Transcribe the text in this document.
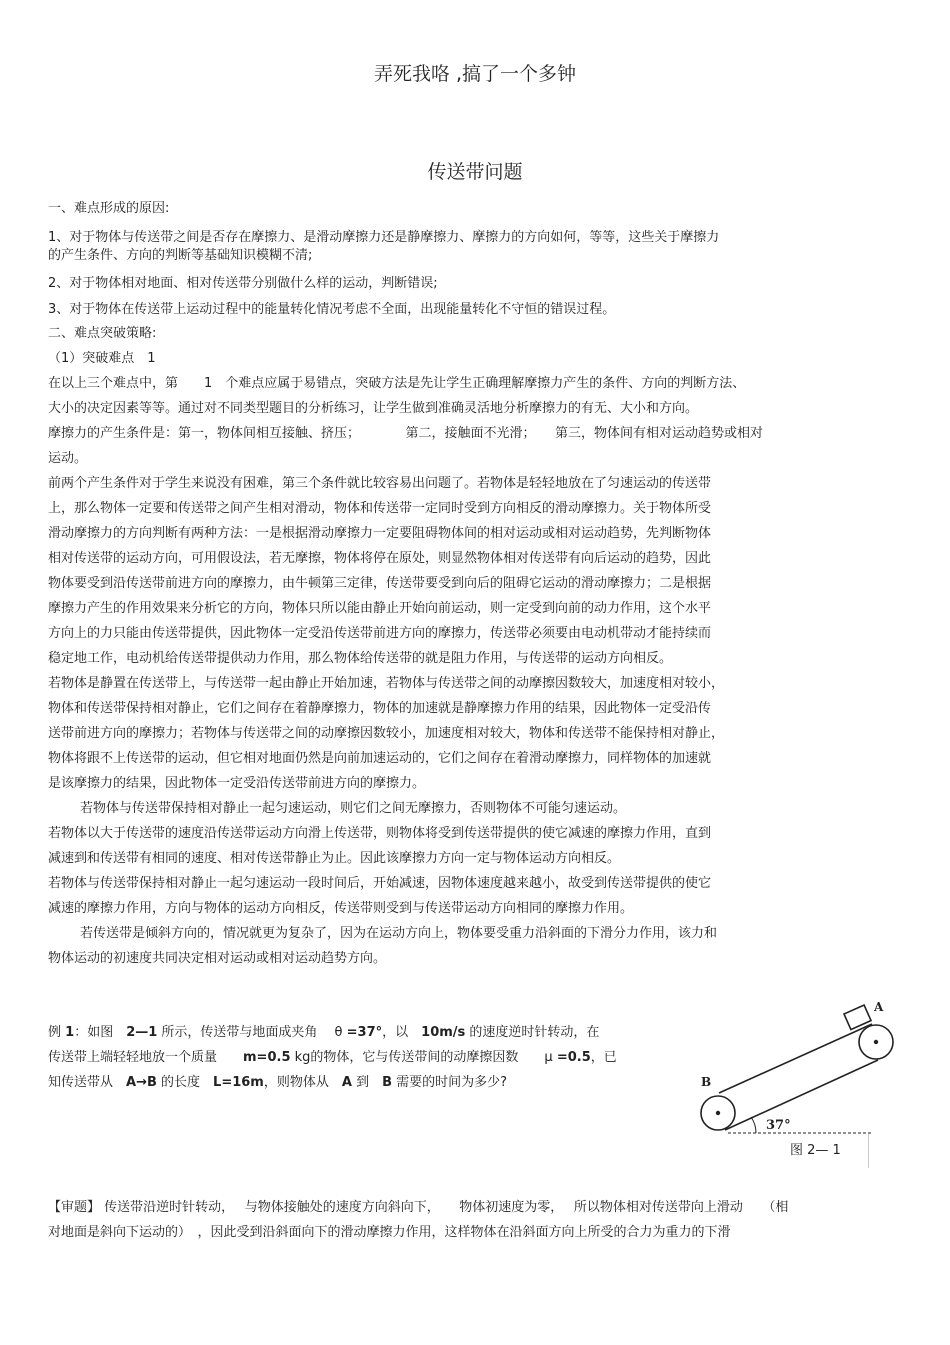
弄死我咯 ,搞了一个多钟
传送带问题
一、难点形成的原因:
1、对于物体与传送带之间是否存在摩擦力、是滑动摩擦力还是静摩擦力、摩擦力的方向如何，等等，这些关于摩擦力
的产生条件、方向的判断等基础知识模糊不清;
2、对于物体相对地面、相对传送带分别做什么样的运动，判断错误;
3、对于物体在传送带上运动过程中的能量转化情况考虑不全面，出现能量转化不守恒的错误过程。
二、难点突破策略:
（1）突破难点　1
在以上三个难点中，第　　1　个难点应属于易错点，突破方法是先让学生正确理解摩擦力产生的条件、方向的判断方法、
大小的决定因素等等。通过对不同类型题目的分析练习，让学生做到准确灵活地分析摩擦力的有无、大小和方向。
摩擦力的产生条件是：第一，物体间相互接触、挤压；　　　　第二，接触面不光滑；　　第三，物体间有相对运动趋势或相对
运动。
前两个产生条件对于学生来说没有困难，第三个条件就比较容易出问题了。若物体是轻轻地放在了匀速运动的传送带
上，那么物体一定要和传送带之间产生相对滑动，物体和传送带一定同时受到方向相反的滑动摩擦力。关于物体所受
滑动摩擦力的方向判断有两种方法：一是根据滑动摩擦力一定要阻碍物体间的相对运动或相对运动趋势，先判断物体
相对传送带的运动方向，可用假设法，若无摩擦，物体将停在原处，则显然物体相对传送带有向后运动的趋势，因此
物体要受到沿传送带前进方向的摩擦力，由牛顿第三定律，传送带要受到向后的阻碍它运动的滑动摩擦力；二是根据
摩擦力产生的作用效果来分析它的方向，物体只所以能由静止开始向前运动，则一定受到向前的动力作用，这个水平
方向上的力只能由传送带提供，因此物体一定受沿传送带前进方向的摩擦力，传送带必须要由电动机带动才能持续而
稳定地工作，电动机给传送带提供动力作用，那么物体给传送带的就是阻力作用，与传送带的运动方向相反。
若物体是静置在传送带上，与传送带一起由静止开始加速，若物体与传送带之间的动摩擦因数较大，加速度相对较小，
物体和传送带保持相对静止，它们之间存在着静摩擦力，物体的加速就是静摩擦力作用的结果，因此物体一定受沿传
送带前进方向的摩擦力；若物体与传送带之间的动摩擦因数较小，加速度相对较大，物体和传送带不能保持相对静止，
物体将跟不上传送带的运动，但它相对地面仍然是向前加速运动的，它们之间存在着滑动摩擦力，同样物体的加速就
是该摩擦力的结果，因此物体一定受沿传送带前进方向的摩擦力。
若物体与传送带保持相对静止一起匀速运动，则它们之间无摩擦力，否则物体不可能匀速运动。
若物体以大于传送带的速度沿传送带运动方向滑上传送带，则物体将受到传送带提供的使它减速的摩擦力作用，直到
减速到和传送带有相同的速度、相对传送带静止为止。因此该摩擦力方向一定与物体运动方向相反。
若物体与传送带保持相对静止一起匀速运动一段时间后，开始减速，因物体速度越来越小，故受到传送带提供的使它
减速的摩擦力作用，方向与物体的运动方向相反，传送带则受到与传送带运动方向相同的摩擦力作用。
若传送带是倾斜方向的，情况就更为复杂了，因为在运动方向上，物体要受重力沿斜面的下滑分力作用，该力和
物体运动的初速度共同决定相对运动或相对运动趋势方向。
例 1：如图　2—1 所示，传送带与地面成夹角　 θ =37°，以　10m/s 的速度逆时针转动，在
传送带上端轻轻地放一个质量　　m=0.5 kg的物体，它与传送带间的动摩擦因数　　μ =0.5，已
知传送带从　A→B 的长度　L=16m，则物体从　A 到　B 需要的时间为多少?
A
B
37°
图 2— 1
【审题】 传送带沿逆时针转动，　 与物体接触处的速度方向斜向下，　　物体初速度为零，　 所以物体相对传送带向上滑动　　（相
对地面是斜向下运动的）　，因此受到沿斜面向下的滑动摩擦力作用，这样物体在沿斜面方向上所受的合力为重力的下滑
